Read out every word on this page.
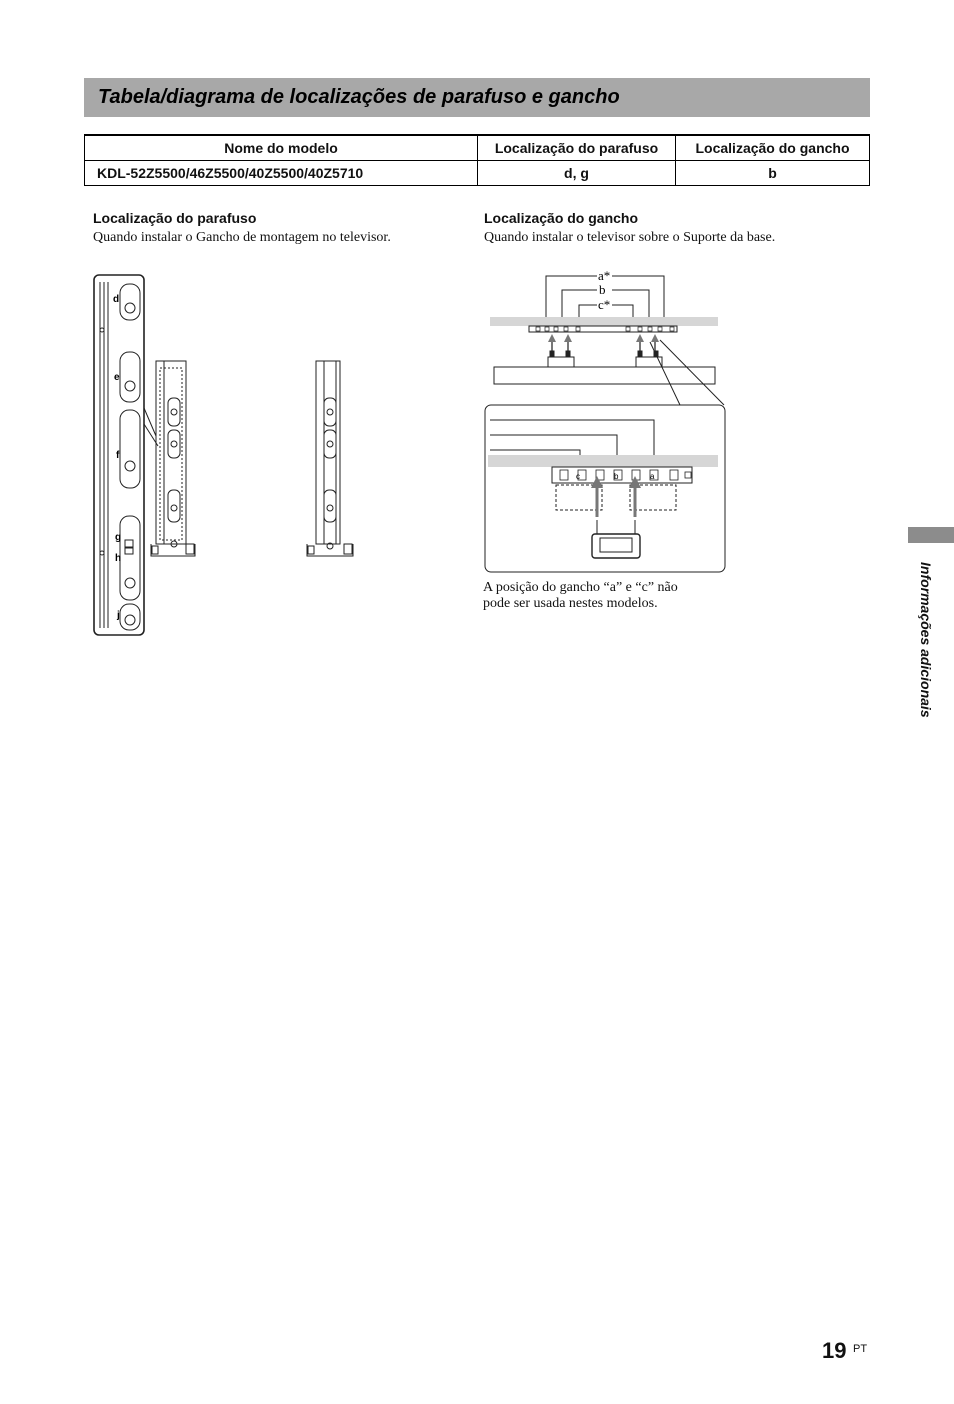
Tabela/diagrama de localizações de parafuso e gancho
Nome do modelo	Localização do parafuso	Localização do gancho
KDL-52Z5500/46Z5500/40Z5500/40Z5710	d, g	b
Localização do parafuso

Quando instalar o Gancho de montagem no televisor.

Localização do gancho

Quando instalar o televisor sobre o Suporte da base.

d
e
f
g
h
j
a*
b
c*
c	b	a

A posição do gancho “a” e “c” não
pode ser usada nestes modelos.	Informações adicionais
19 PT
